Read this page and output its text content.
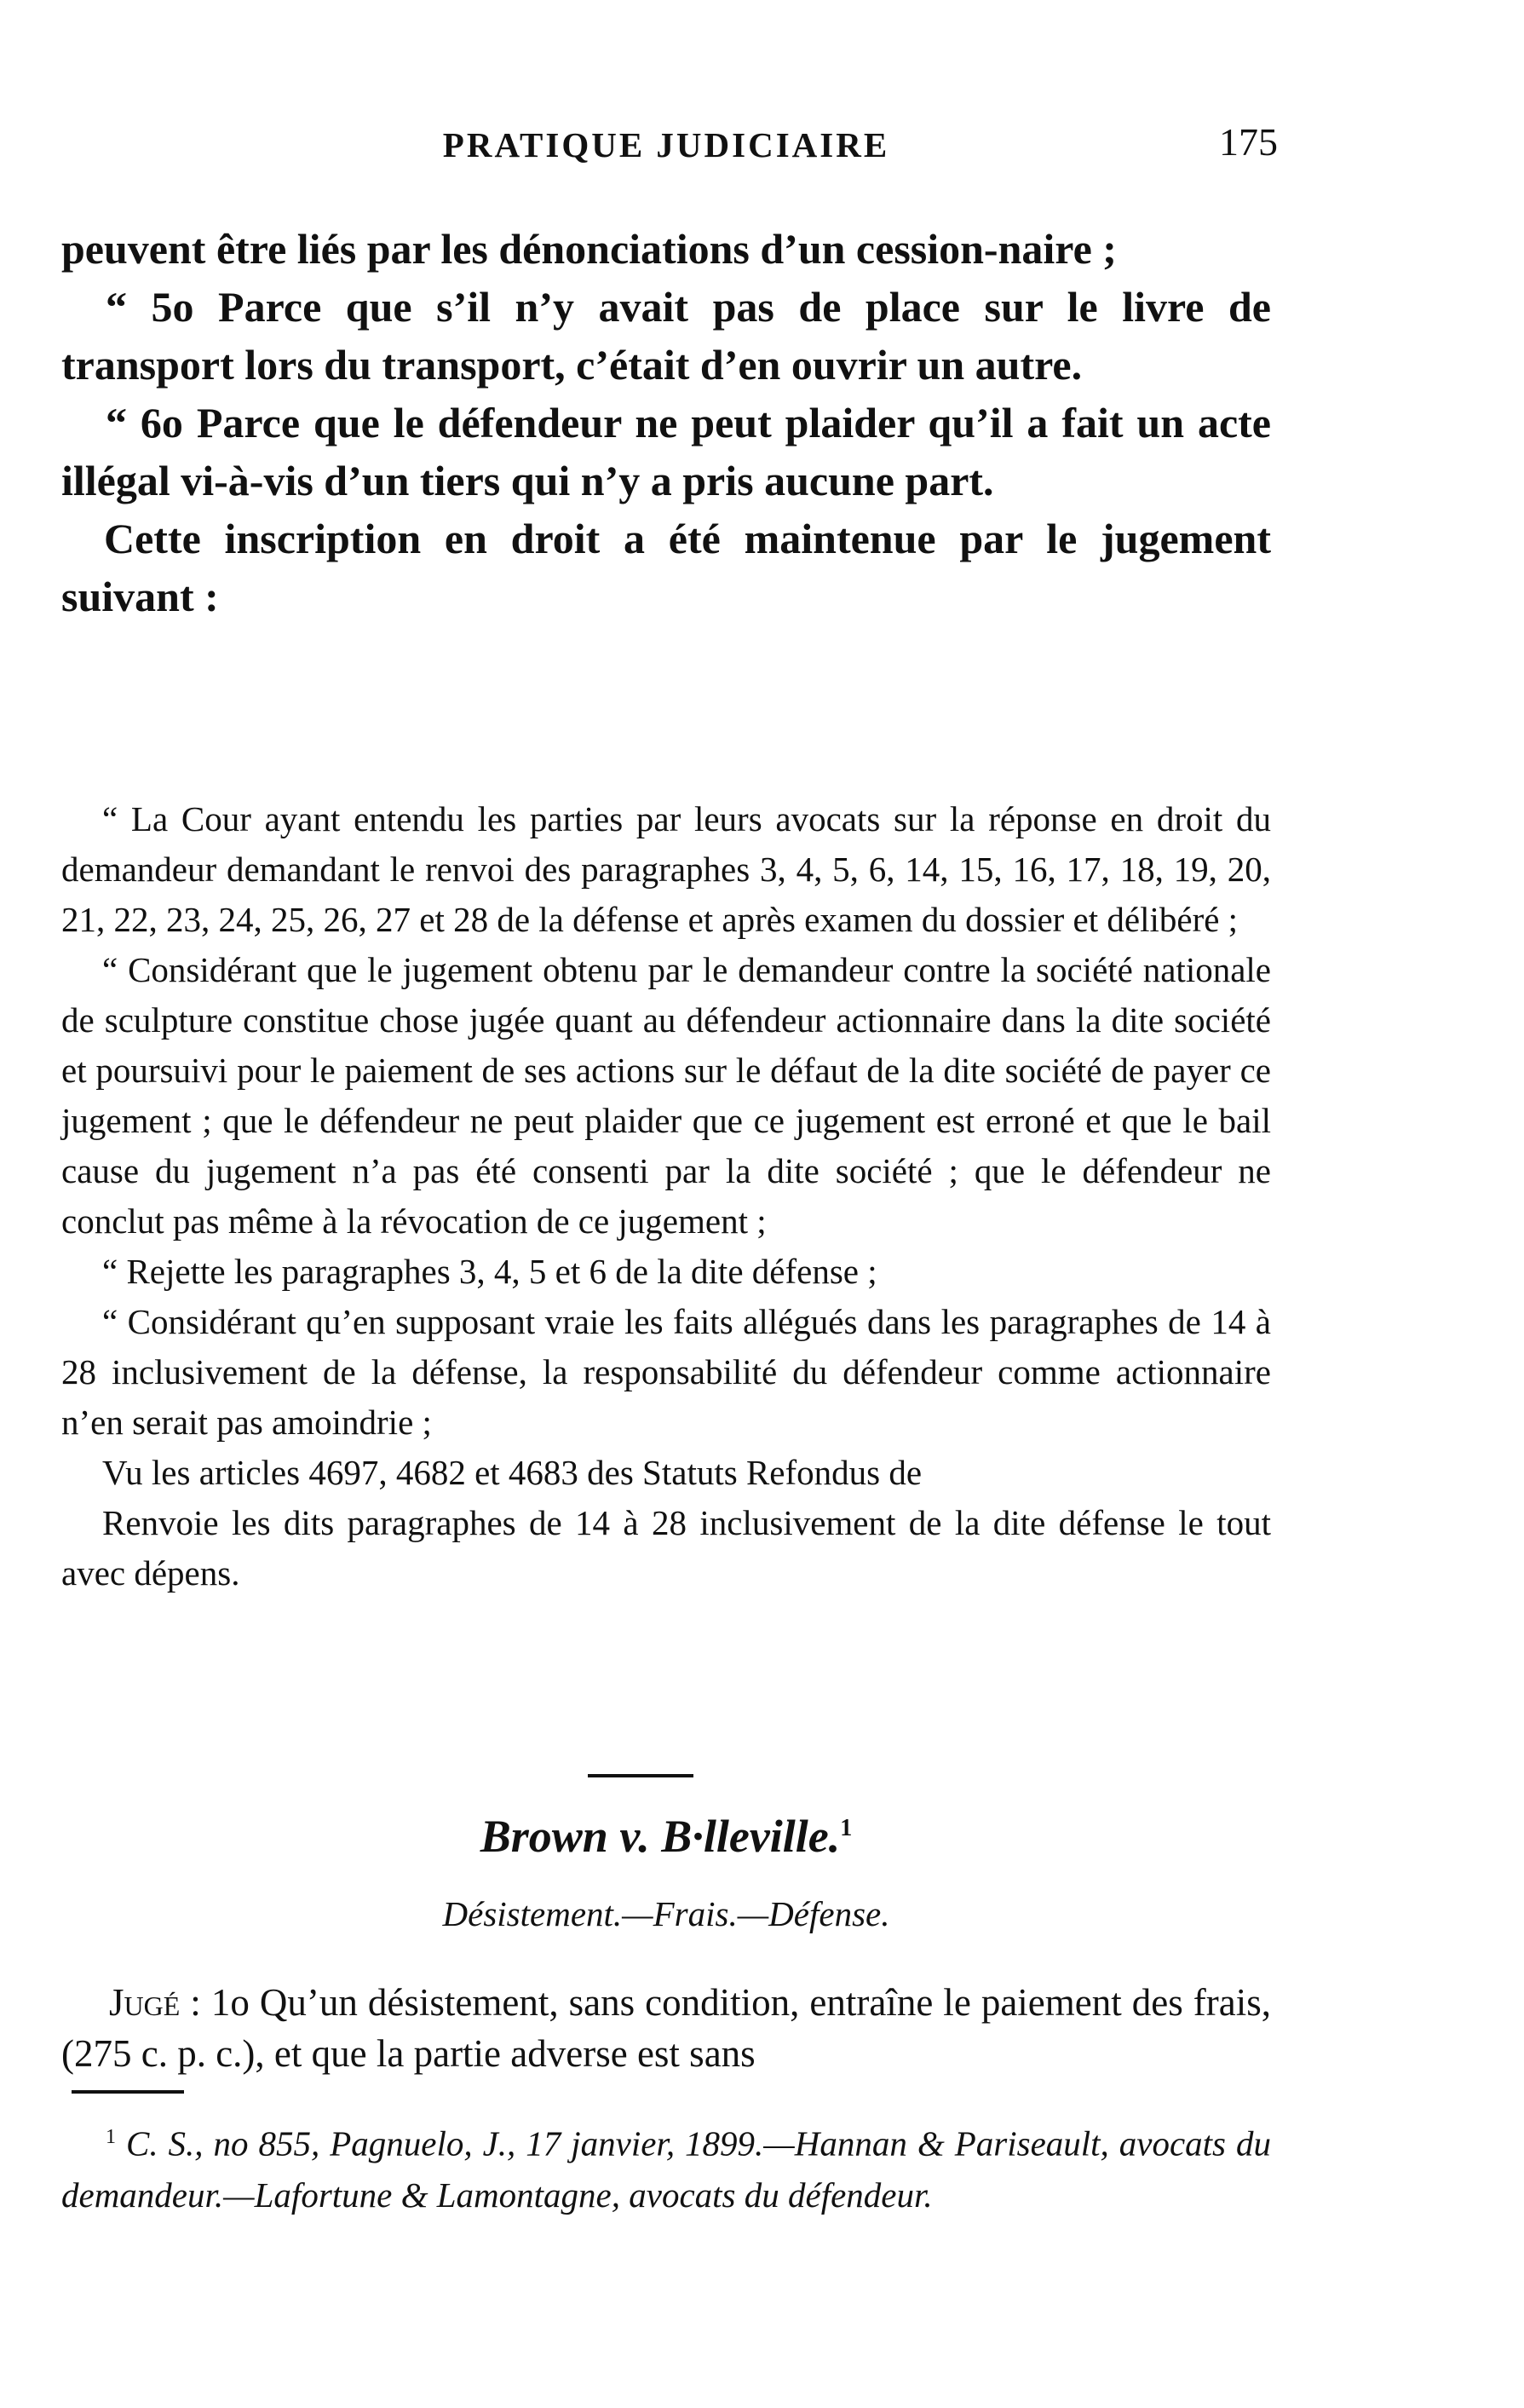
PRATIQUE JUDICIAIRE	175

peuvent être liés par les dénonciations d’un cession-naire ;

“ 5o Parce que s’il n’y avait pas de place sur le livre de transport lors du transport, c’était d’en ouvrir un autre.

“ 6o Parce que le défendeur ne peut plaider qu’il a fait un acte illégal vi-à-vis d’un tiers qui n’y a pris aucune part.

Cette inscription en droit a été maintenue par le jugement suivant :

“ La Cour ayant entendu les parties par leurs avocats sur la réponse en droit du demandeur demandant le renvoi des paragraphes 3, 4, 5, 6, 14, 15, 16, 17, 18, 19, 20, 21, 22, 23, 24, 25, 26, 27 et 28 de la défense et après examen du dossier et délibéré ;

“ Considérant que le jugement obtenu par le demandeur contre la société nationale de sculpture constitue chose jugée quant au défendeur actionnaire dans la dite société et poursuivi pour le paiement de ses actions sur le défaut de la dite société de payer ce jugement ; que le défendeur ne peut plaider que ce jugement est erroné et que le bail cause du jugement n’a pas été consenti par la dite société ; que le défendeur ne conclut pas même à la révocation de ce jugement ;

“ Rejette les paragraphes 3, 4, 5 et 6 de la dite défense ;

“ Considérant qu’en supposant vraie les faits allégués dans les paragraphes de 14 à 28 inclusivement de la défense, la responsabilité du défendeur comme actionnaire n’en serait pas amoindrie ;

Vu les articles 4697, 4682 et 4683 des Statuts Refondus de

Renvoie les dits paragraphes de 14 à 28 inclusivement de la dite défense le tout avec dépens.

Brown v. B·lleville.$^1$
Désistement.—Frais.—Défense.

Jugé : 1o Qu’un désistement, sans condition, entraîne le paiement des frais, (275 c. p. c.), et que la partie adverse est sans

$^1$ C. S., no 855, Pagnuelo, J., 17 janvier, 1899.—Hannan & Pariseault, avocats du demandeur.—Lafortune & Lamontagne, avocats du défendeur.
